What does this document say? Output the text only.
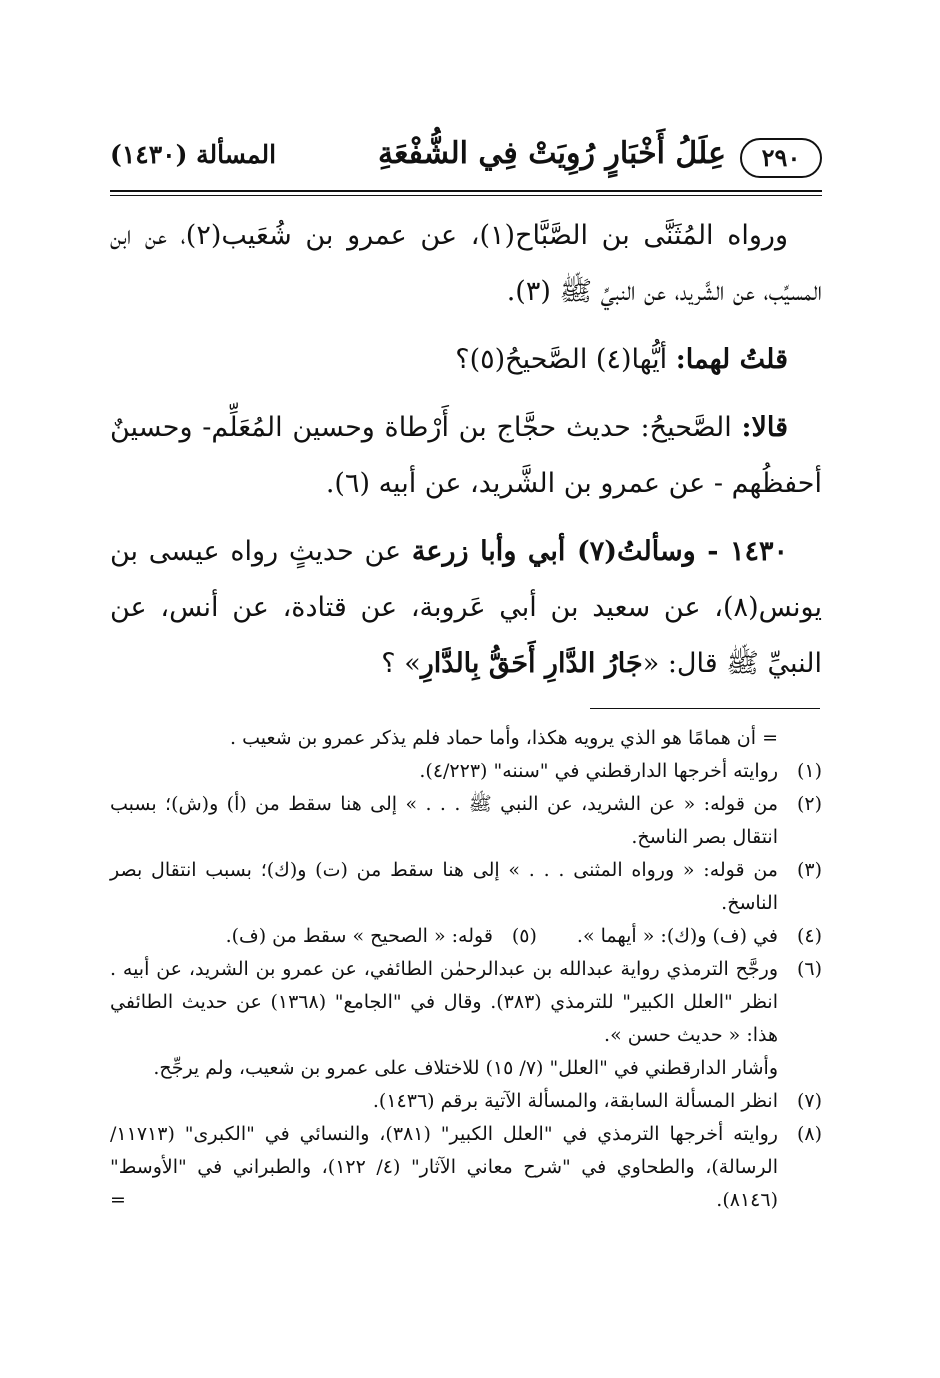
٢٩٠
عِلَلُ أَخْبَارٍ رُوِيَتْ فِي الشُّفْعَةِ
المسألة (١٤٣٠)

ورواه المُثَنَّى بن الصَّبَّاح(١)، عن عمرو بن شُعَيب(٢)، عن ابن المسيِّب، عن الشَّريد، عن النبيِّ ﷺ (٣).

قلتُ لهما: أيُّها(٤) الصَّحيحُ(٥)؟

قالا: الصَّحيحُ: حديث حجَّاج بن أَرْطاة وحسين المُعَلِّم- وحسينٌ أحفظُهم - عن عمرو بن الشَّريد، عن أبيه (٦).

١٤٣٠ - وسألتُ(٧) أبي وأبا زرعة عن حديثٍ رواه عيسى بن يونس(٨)، عن سعيد بن أبي عَروبة، عن قتادة، عن أنس، عن النبيِّ ﷺ قال: «جَارُ الدَّارِ أَحَقُّ بِالدَّارِ» ؟

= أن همامًا هو الذي يرويه هكذا، وأما حماد فلم يذكر عمرو بن شعيب .
(١)
روايته أخرجها الدارقطني في "سننه" (٤/٢٢٣).
(٢)
من قوله: « عن الشريد، عن النبي ﷺ . . . » إلى هنا سقط من (أ) و(ش)؛ بسبب انتقال بصر الناسخ.
(٣)
من قوله: « ورواه المثنى . . . » إلى هنا سقط من (ت) و(ك)؛ بسبب انتقال بصر الناسخ.
(٤)
في (ف) و(ك): « أيهما ».
(٥)
قوله: « الصحيح » سقط من (ف).
(٦)
ورجَّح الترمذي رواية عبدالله بن عبدالرحمٰن الطائفي، عن عمرو بن الشريد، عن أبيه . انظر "العلل الكبير" للترمذي (٣٨٣). وقال في "الجامع" (١٣٦٨) عن حديث الطائفي هذا: « حديث حسن ».
وأشار الدارقطني في "العلل" (٧/ ١٥) للاختلاف على عمرو بن شعيب، ولم يرجِّح.
(٧)
انظر المسألة السابقة، والمسألة الآتية برقم (١٤٣٦).
(٨)
روايته أخرجها الترمذي في "العلل الكبير" (٣٨١)، والنسائي في "الكبرى" (١١٧١٣/ الرسالة)، والطحاوي في "شرح معاني الآثار" (٤/ ١٢٢)، والطبراني في "الأوسط" (٨١٤٦).
=
